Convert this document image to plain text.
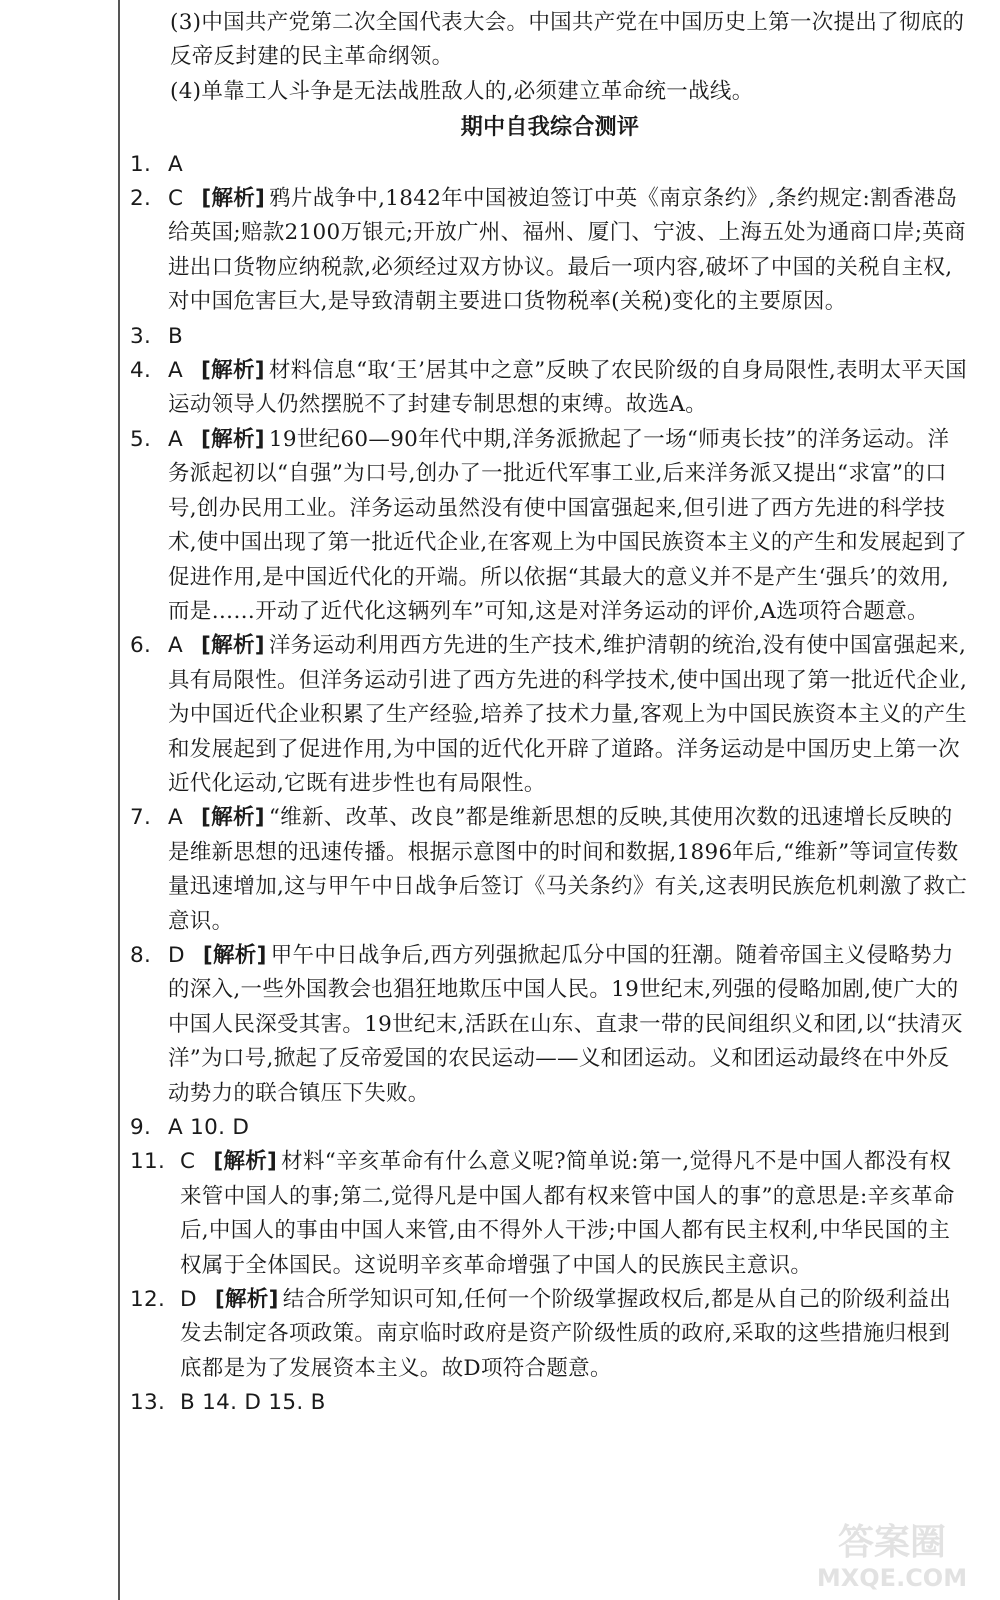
(3)中国共产党第二次全国代表大会。中国共产党在中国历史上第一次提出了彻底的反帝反封建的民主革命纲领。

(4)单靠工人斗争是无法战胜敌人的,必须建立革命统一战线。

期中自我综合测评
1. A
2. C [解析] 鸦片战争中,1842年中国被迫签订中英《南京条约》,条约规定:割香港岛给英国;赔款2100万银元;开放广州、福州、厦门、宁波、上海五处为通商口岸;英商进出口货物应纳税款,必须经过双方协议。最后一项内容,破坏了中国的关税自主权,对中国危害巨大,是导致清朝主要进口货物税率(关税)变化的主要原因。
3. B
4. A [解析] 材料信息“取‘王’居其中之意”反映了农民阶级的自身局限性,表明太平天国运动领导人仍然摆脱不了封建专制思想的束缚。故选A。
5. A [解析] 19世纪60—90年代中期,洋务派掀起了一场“师夷长技”的洋务运动。洋务派起初以“自强”为口号,创办了一批近代军事工业,后来洋务派又提出“求富”的口号,创办民用工业。洋务运动虽然没有使中国富强起来,但引进了西方先进的科学技术,使中国出现了第一批近代企业,在客观上为中国民族资本主义的产生和发展起到了促进作用,是中国近代化的开端。所以依据“其最大的意义并不是产生‘强兵’的效用,而是……开动了近代化这辆列车”可知,这是对洋务运动的评价,A选项符合题意。
6. A [解析] 洋务运动利用西方先进的生产技术,维护清朝的统治,没有使中国富强起来,具有局限性。但洋务运动引进了西方先进的科学技术,使中国出现了第一批近代企业,为中国近代企业积累了生产经验,培养了技术力量,客观上为中国民族资本主义的产生和发展起到了促进作用,为中国的近代化开辟了道路。洋务运动是中国历史上第一次近代化运动,它既有进步性也有局限性。
7. A [解析] “维新、改革、改良”都是维新思想的反映,其使用次数的迅速增长反映的是维新思想的迅速传播。根据示意图中的时间和数据,1896年后,“维新”等词宣传数量迅速增加,这与甲午中日战争后签订《马关条约》有关,这表明民族危机刺激了救亡意识。
8. D [解析] 甲午中日战争后,西方列强掀起瓜分中国的狂潮。随着帝国主义侵略势力的深入,一些外国教会也猖狂地欺压中国人民。19世纪末,列强的侵略加剧,使广大的中国人民深受其害。19世纪末,活跃在山东、直隶一带的民间组织义和团,以“扶清灭洋”为口号,掀起了反帝爱国的农民运动——义和团运动。义和团运动最终在中外反动势力的联合镇压下失败。
9. A 10. D
11. C [解析] 材料“辛亥革命有什么意义呢?简单说:第一,觉得凡不是中国人都没有权来管中国人的事;第二,觉得凡是中国人都有权来管中国人的事”的意思是:辛亥革命后,中国人的事由中国人来管,由不得外人干涉;中国人都有民主权利,中华民国的主权属于全体国民。这说明辛亥革命增强了中国人的民族民主意识。
12. D [解析] 结合所学知识可知,任何一个阶级掌握政权后,都是从自己的阶级利益出发去制定各项政策。南京临时政府是资产阶级性质的政府,采取的这些措施归根到底都是为了发展资本主义。故D项符合题意。
13. B 14. D 15. B
答案圈
MXQE.COM
